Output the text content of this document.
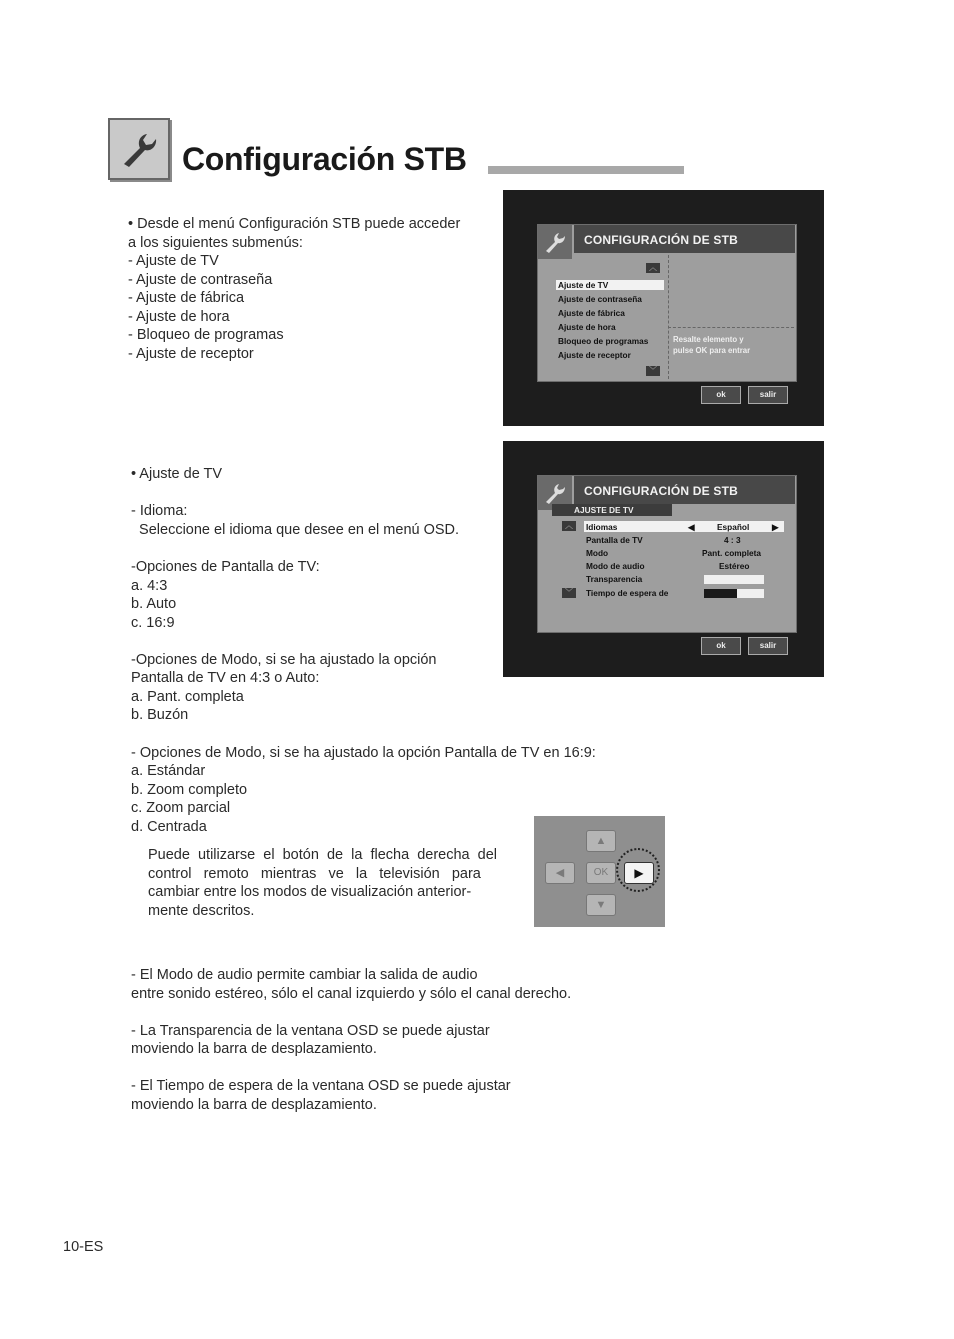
Configuración STB
• Desde el menú Configuración STB puede acceder
a los siguientes submenús:
- Ajuste de TV
- Ajuste de contraseña
- Ajuste de fábrica
- Ajuste de hora
- Bloqueo de programas
- Ajuste de receptor
CONFIGURACIÓN DE STB
︿
Ajuste de TV
Ajuste de contraseña
Ajuste de fábrica
Ajuste de hora
Bloqueo de programas
Ajuste de receptor
﹀
Resalte elemento y
pulse OK para entrar
ok	salir
CONFIGURACIÓN DE STB
AJUSTE DE TV
︿	Idiomas	◀	Español	▶
Pantalla de TV	4 : 3
Modo	Pant. completa
Modo de audio	Estéreo
Transparencia
﹀	Tiempo de espera de
ok	salir
• Ajuste de TV
- Idioma:
Seleccione el idioma que desee en el menú OSD.
-Opciones de Pantalla de TV:
a. 4:3
b. Auto
c. 16:9
-Opciones de Modo, si se ha ajustado la opción
Pantalla de TV en 4:3 o Auto:
a. Pant. completa
b. Buzón
- Opciones de Modo, si se ha ajustado la opción Pantalla de TV en 16:9:
a. Estándar
b. Zoom completo
c. Zoom parcial
d. Centrada
Puede  utilizarse  el  botón  de  la  flecha  derecha  del
control   remoto   mientras   ve   la   televisión   para
cambiar entre los modos de visualización anterior-
mente descritos.
▲
◀	OK
▼
▶
- El Modo de audio permite cambiar la salida de audio
entre sonido estéreo, sólo el canal izquierdo y sólo el canal derecho.
- La Transparencia de la ventana OSD se puede ajustar
moviendo la barra de desplazamiento.
- El Tiempo de espera de la ventana OSD se puede ajustar
moviendo la barra de desplazamiento.
10-ES
